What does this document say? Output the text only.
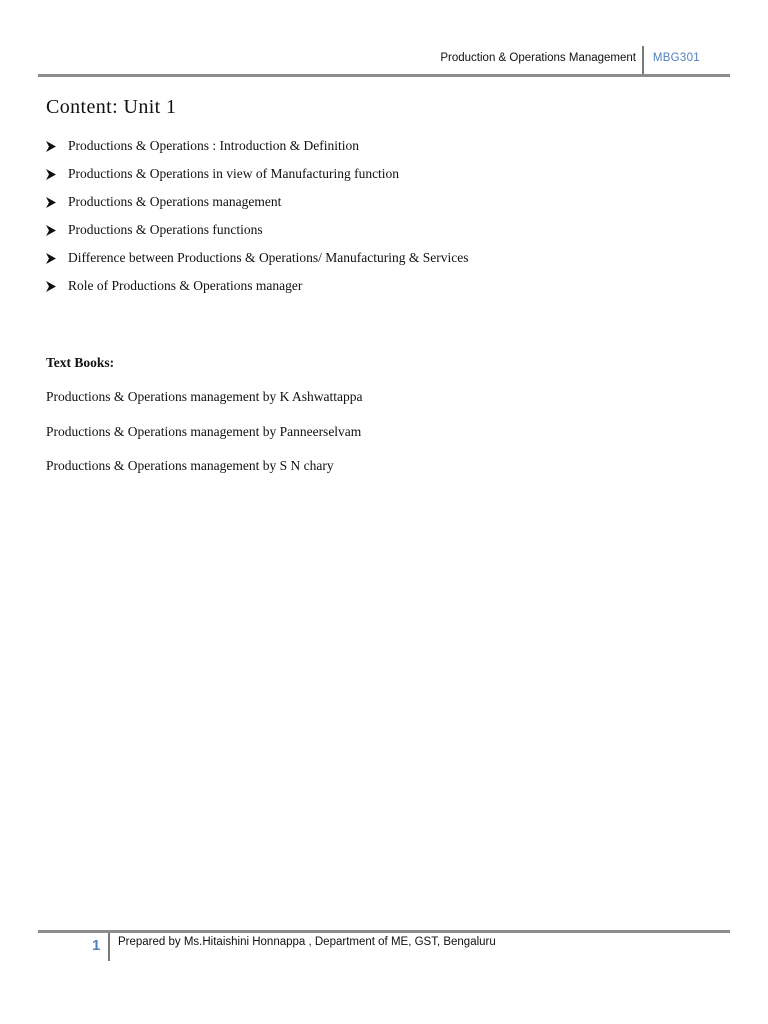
Production & Operations Management MBG301
Content: Unit 1
Productions & Operations : Introduction & Definition
Productions & Operations in view of Manufacturing function
Productions & Operations management
Productions & Operations functions
Difference between Productions & Operations/ Manufacturing & Services
Role of Productions & Operations manager
Text Books:
Productions & Operations management by K Ashwattappa
Productions & Operations management by Panneerselvam
Productions & Operations management by S N chary
1 Prepared by Ms.Hitaishini Honnappa , Department of ME, GST, Bengaluru
